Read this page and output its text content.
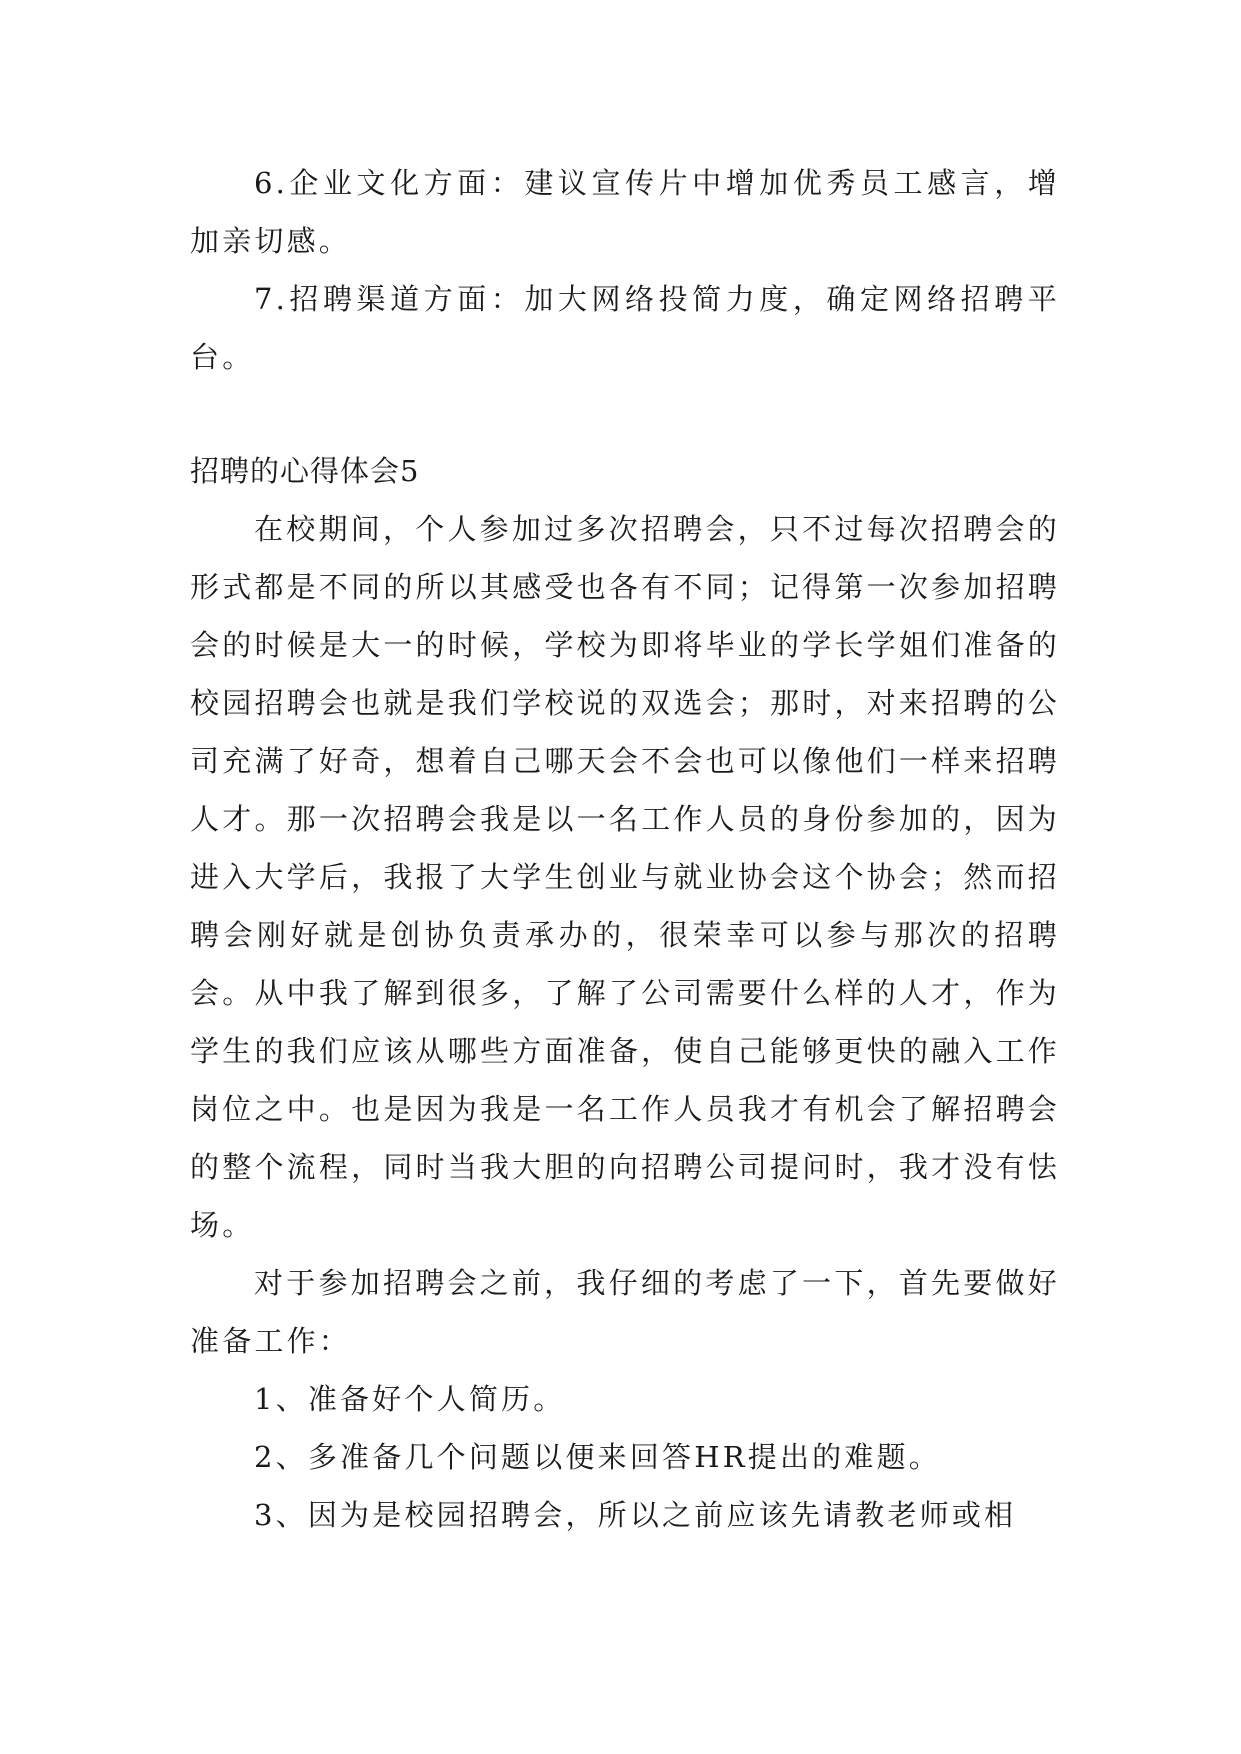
6.企业文化方面：建议宣传片中增加优秀员工感言，增加亲切感。

7.招聘渠道方面：加大网络投简力度，确定网络招聘平台。

招聘的心得体会5

在校期间，个人参加过多次招聘会，只不过每次招聘会的形式都是不同的所以其感受也各有不同；记得第一次参加招聘会的时候是大一的时候，学校为即将毕业的学长学姐们准备的校园招聘会也就是我们学校说的双选会；那时，对来招聘的公司充满了好奇，想着自己哪天会不会也可以像他们一样来招聘人才。那一次招聘会我是以一名工作人员的身份参加的，因为进入大学后，我报了大学生创业与就业协会这个协会；然而招聘会刚好就是创协负责承办的，很荣幸可以参与那次的招聘会。从中我了解到很多，了解了公司需要什么样的人才，作为学生的我们应该从哪些方面准备，使自己能够更快的融入工作岗位之中。也是因为我是一名工作人员我才有机会了解招聘会的整个流程，同时当我大胆的向招聘公司提问时，我才没有怯场。

对于参加招聘会之前，我仔细的考虑了一下，首先要做好准备工作：

1、准备好个人简历。

2、多准备几个问题以便来回答HR提出的难题。

3、因为是校园招聘会，所以之前应该先请教老师或相
